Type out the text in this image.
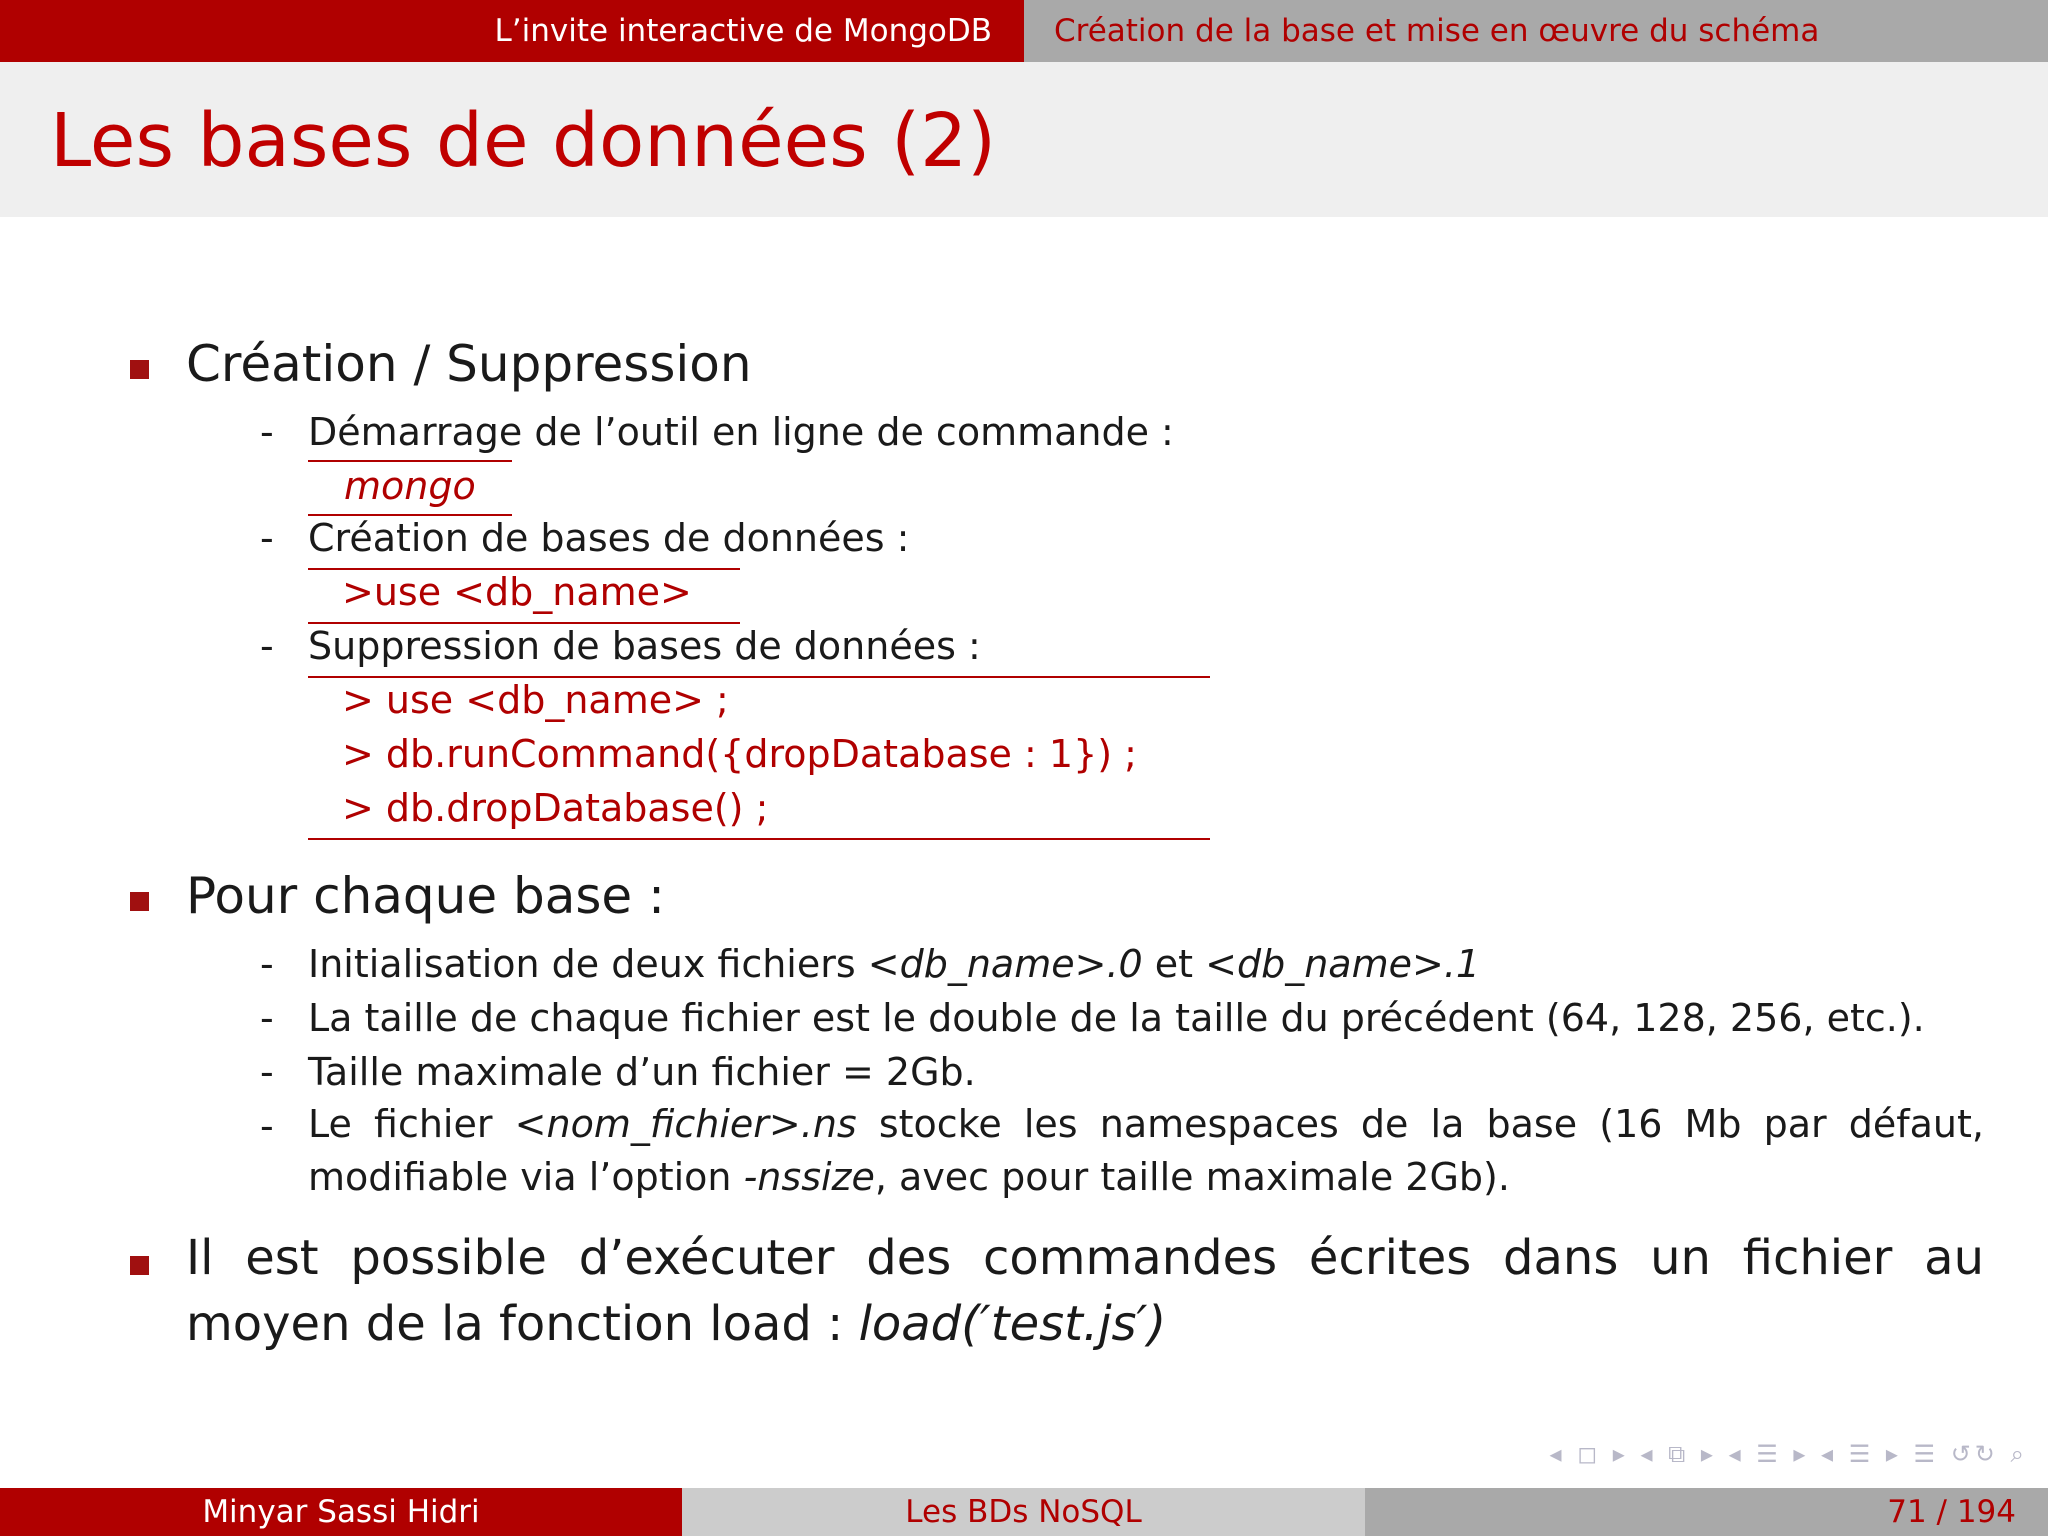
L’invite interactive de MongoDB	Création de la base et mise en œuvre du schéma
Les bases de données (2)
Création / Suppression
- Démarrage de l’outil en ligne de commande :
mongo
- Création de bases de données :
>use <db_name>
- Suppression de bases de données :
> use <db_name> ;
> db.runCommand({dropDatabase : 1}) ;
> db.dropDatabase() ;
Pour chaque base :
- Initialisation de deux fichiers <db_name>.0 et <db_name>.1
- La taille de chaque fichier est le double de la taille du précédent (64, 128, 256, etc.).
- Taille maximale d’un fichier = 2Gb.
- Le fichier <nom_fichier>.ns stocke les namespaces de la base (16 Mb par défaut, modifiable via l’option -nssize, avec pour taille maximale 2Gb).
Il est possible d’exécuter des commandes écrites dans un fichier au moyen de la fonction load : load(′test.js′)
◂ ◻ ▸ ◂ ⧉ ▸ ◂ ☰ ▸ ◂ ☰ ▸ ☰ ↺↻ ⌕
Minyar Sassi Hidri	Les BDs NoSQL	71 / 194
